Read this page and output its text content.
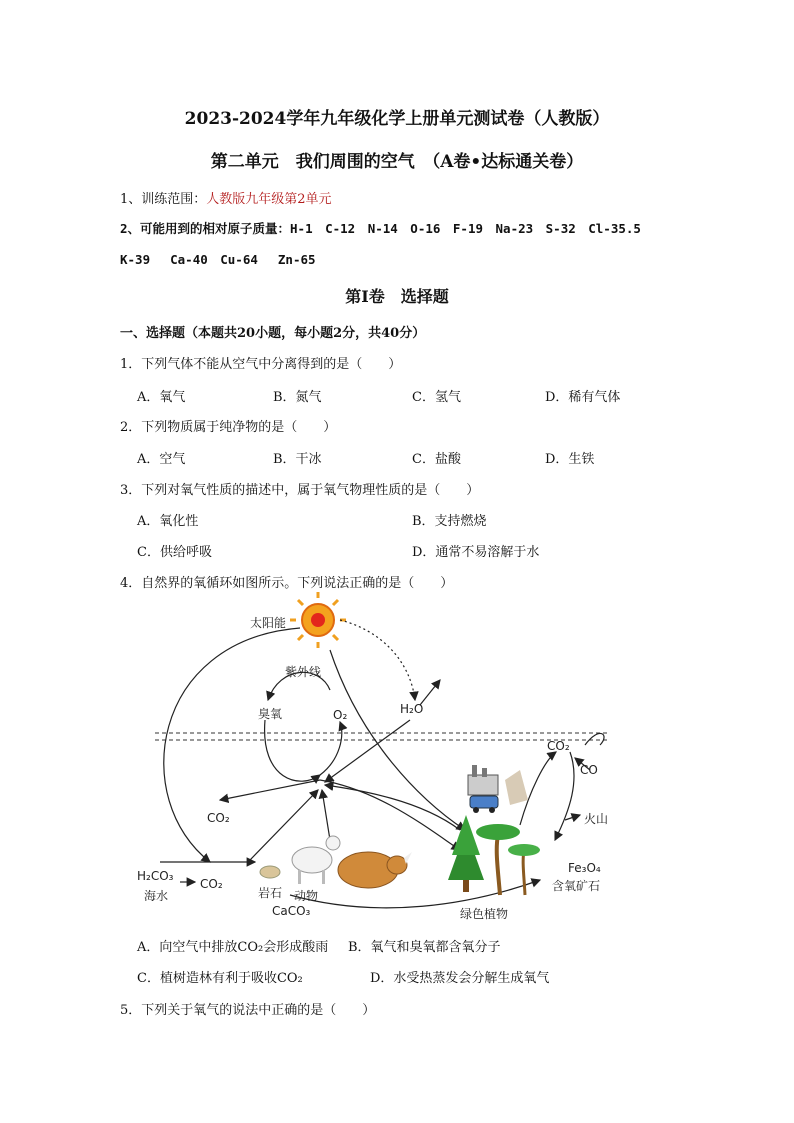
2023-2024学年九年级化学上册单元测试卷（人教版）
第二单元　我们周围的空气　（A卷•达标通关卷）
1、训练范围：人教版九年级第2单元
2、可能用到的相对原子质量：H-1　C-12　N-14　O-16　F-19　Na-23　S-32　Cl-35.5
K-39　 Ca-40　Cu-64　 Zn-65
第Ⅰ卷　选择题
一、选择题（本题共20小题，每小题2分，共40分）
1．下列气体不能从空气中分离得到的是（　　）
A．氧气	B．氮气	C．氢气	D．稀有气体
2．下列物质属于纯净物的是（　　）
A．空气	B．干冰	C．盐酸	D．生铁
3．下列对氧气性质的描述中，属于氧气物理性质的是（　　）
A．氧化性	B．支持燃烧
C．供给呼吸	D．通常不易溶解于水
4．自然界的氧循环如图所示。下列说法正确的是（　　）
太阳能
紫外线
臭氧	O₂	H₂O
CO₂
CO
火山
CO₂
H₂CO₃
CO₂
海水	岩石 动物
CaCO₃
Fe₃O₄
含氧矿石
绿色植物
A．向空气中排放CO₂会形成酸雨 B．氧气和臭氧都含氧分子
C．植树造林有利于吸收CO₂	D．水受热蒸发会分解生成氧气
5．下列关于氧气的说法中正确的是（　　）
